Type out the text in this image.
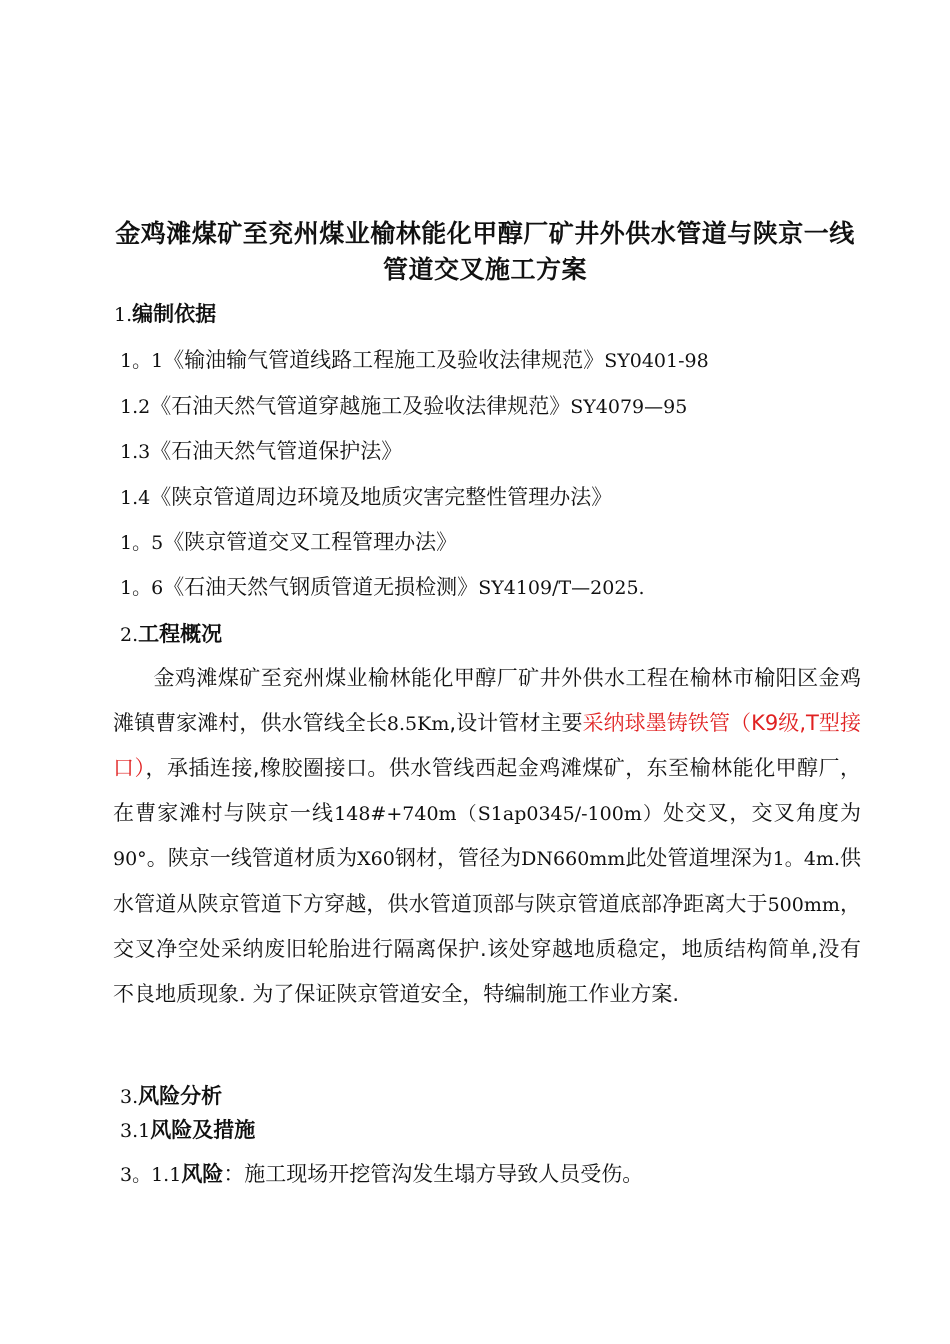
金鸡滩煤矿至兖州煤业榆林能化甲醇厂矿井外供水管道与陕京一线
管道交叉施工方案
1.编制依据
1。1《输油输气管道线路工程施工及验收法律规范》SY0401-98
1.2《石油天然气管道穿越施工及验收法律规范》SY4079—95
1.3《石油天然气管道保护法》
1.4《陕京管道周边环境及地质灾害完整性管理办法》
1。5《陕京管道交叉工程管理办法》
1。6《石油天然气钢质管道无损检测》SY4109/T—2025.
2.工程概况
金鸡滩煤矿至兖州煤业榆林能化甲醇厂矿井外供水工程在榆林市榆阳区金鸡滩镇曹家滩村，供水管线全长8.5Km,设计管材主要采纳球墨铸铁管（K9级,T型接口），承插连接,橡胶圈接口。供水管线西起金鸡滩煤矿，东至榆林能化甲醇厂，在曹家滩村与陕京一线148#+740m（S1ap0345/-100m）处交叉，交叉角度为90°。陕京一线管道材质为X60钢材，管径为DN660mm此处管道埋深为1。4m.供水管道从陕京管道下方穿越，供水管道顶部与陕京管道底部净距离大于500mm，交叉净空处采纳废旧轮胎进行隔离保护.该处穿越地质稳定，地质结构简单,没有不良地质现象. 为了保证陕京管道安全，特编制施工作业方案.
3.风险分析
3.1风险及措施
3。1.1风险：施工现场开挖管沟发生塌方导致人员受伤。
